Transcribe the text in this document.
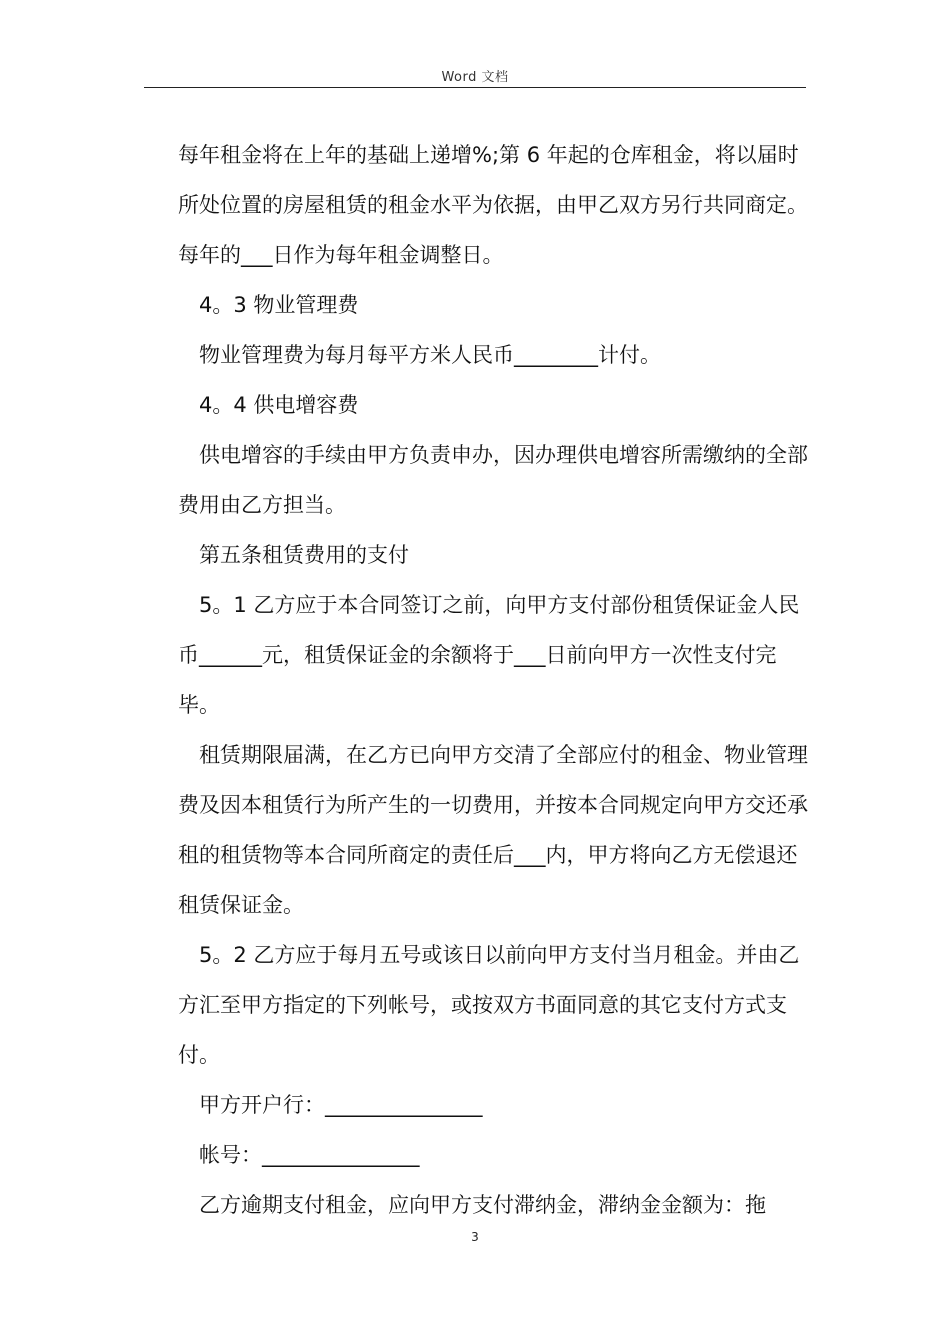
Word 文档

每年租金将在上年的基础上递增%;第 6 年起的仓库租金，将以届时所处位置的房屋租赁的租金水平为依据，由甲乙双方另行共同商定。每年的___日作为每年租金调整日。

4。3 物业管理费

物业管理费为每月每平方米人民币________计付。

4。4 供电增容费

供电增容的手续由甲方负责申办，因办理供电增容所需缴纳的全部费用由乙方担当。

第五条租赁费用的支付

5。1 乙方应于本合同签订之前，向甲方支付部份租赁保证金人民币______元，租赁保证金的余额将于___日前向甲方一次性支付完毕。

租赁期限届满，在乙方已向甲方交清了全部应付的租金、物业管理费及因本租赁行为所产生的一切费用，并按本合同规定向甲方交还承租的租赁物等本合同所商定的责任后___内，甲方将向乙方无偿退还租赁保证金。

5。2 乙方应于每月五号或该日以前向甲方支付当月租金。并由乙方汇至甲方指定的下列帐号，或按双方书面同意的其它支付方式支付。

甲方开户行：_______________

帐号：_______________

乙方逾期支付租金，应向甲方支付滞纳金，滞纳金金额为：拖

3
